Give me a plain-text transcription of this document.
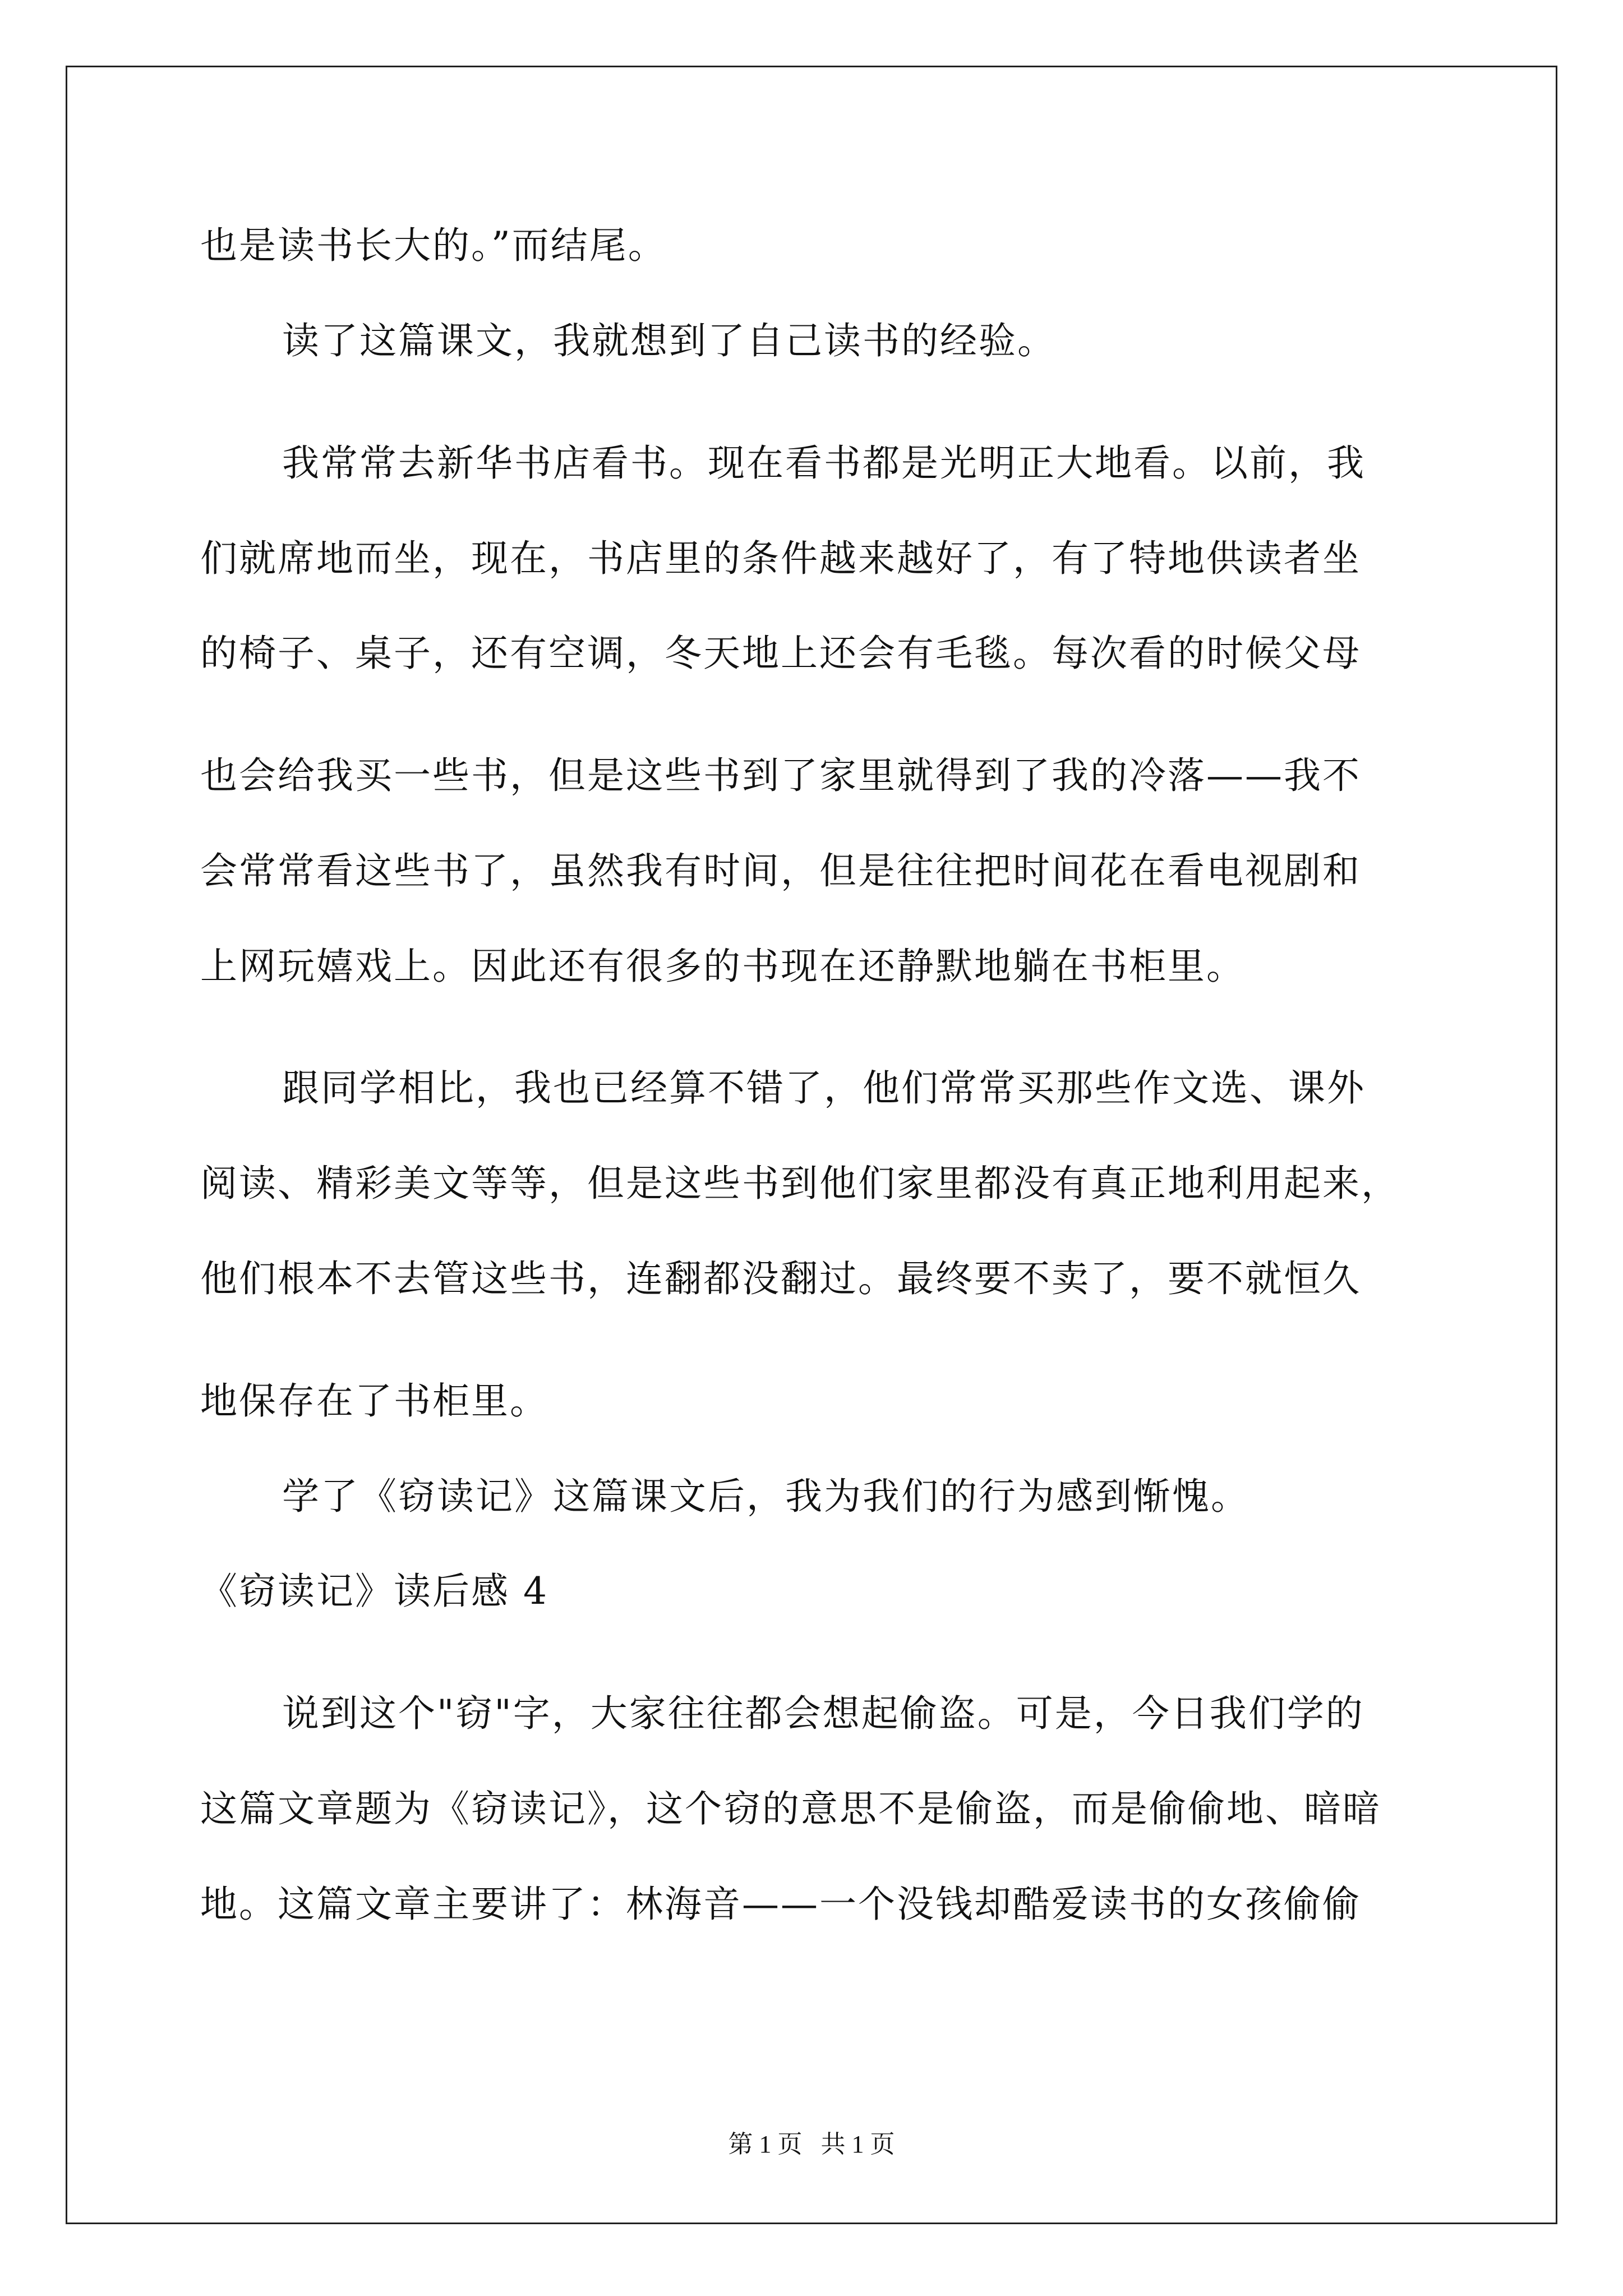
也是读书长大的。”而结尾。
读了这篇课文，我就想到了自己读书的经验。
我常常去新华书店看书。现在看书都是光明正大地看。以前，我
们就席地而坐，现在，书店里的条件越来越好了，有了特地供读者坐
的椅子、桌子，还有空调，冬天地上还会有毛毯。每次看的时候父母
也会给我买一些书，但是这些书到了家里就得到了我的冷落——我不
会常常看这些书了，虽然我有时间，但是往往把时间花在看电视剧和
上网玩嬉戏上。因此还有很多的书现在还静默地躺在书柜里。
跟同学相比，我也已经算不错了，他们常常买那些作文选、课外
阅读、精彩美文等等，但是这些书到他们家里都没有真正地利用起来，
他们根本不去管这些书，连翻都没翻过。最终要不卖了，要不就恒久
地保存在了书柜里。
学了《窃读记》这篇课文后，我为我们的行为感到惭愧。
《窃读记》读后感 4
说到这个"窃"字，大家往往都会想起偷盗。可是，今日我们学的
这篇文章题为《窃读记》，这个窃的意思不是偷盗，而是偷偷地、暗暗
地。这篇文章主要讲了：林海音——一个没钱却酷爱读书的女孩偷偷
第 1 页   共 1 页
